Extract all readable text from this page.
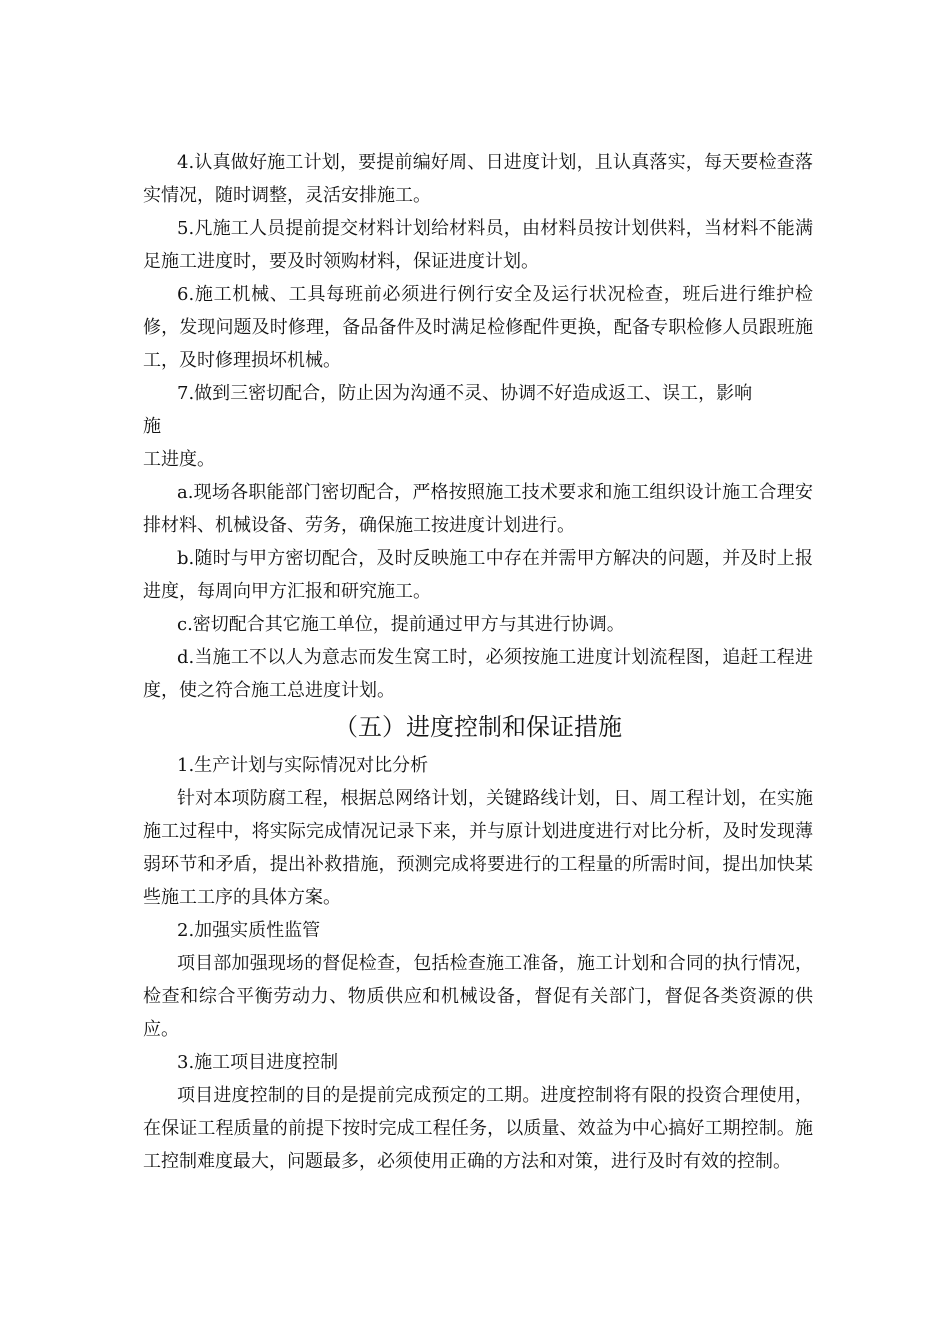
4.认真做好施工计划，要提前编好周、日进度计划，且认真落实，每天要检查落实情况，随时调整，灵活安排施工。

5.凡施工人员提前提交材料计划给材料员，由材料员按计划供料，当材料不能满足施工进度时，要及时领购材料，保证进度计划。

6.施工机械、工具每班前必须进行例行安全及运行状况检查，班后进行维护检修，发现问题及时修理，备品备件及时满足检修配件更换，配备专职检修人员跟班施工，及时修理损坏机械。

7.做到三密切配合，防止因为沟通不灵、协调不好造成返工、误工，影响

施

工进度。

a.现场各职能部门密切配合，严格按照施工技术要求和施工组织设计施工合理安排材料、机械设备、劳务，确保施工按进度计划进行。

b.随时与甲方密切配合，及时反映施工中存在并需甲方解决的问题，并及时上报进度，每周向甲方汇报和研究施工。

c.密切配合其它施工单位，提前通过甲方与其进行协调。

d.当施工不以人为意志而发生窝工时，必须按施工进度计划流程图，追赶工程进度，使之符合施工总进度计划。

（五）进度控制和保证措施

1.生产计划与实际情况对比分析

针对本项防腐工程，根据总网络计划，关键路线计划，日、周工程计划，在实施施工过程中，将实际完成情况记录下来，并与原计划进度进行对比分析，及时发现薄弱环节和矛盾，提出补救措施，预测完成将要进行的工程量的所需时间，提出加快某些施工工序的具体方案。

2.加强实质性监管

项目部加强现场的督促检查，包括检查施工准备，施工计划和合同的执行情况，检查和综合平衡劳动力、物质供应和机械设备，督促有关部门，督促各类资源的供应。

3.施工项目进度控制

项目进度控制的目的是提前完成预定的工期。进度控制将有限的投资合理使用，在保证工程质量的前提下按时完成工程任务，以质量、效益为中心搞好工期控制。施工控制难度最大，问题最多，必须使用正确的方法和对策，进行及时有效的控制。
